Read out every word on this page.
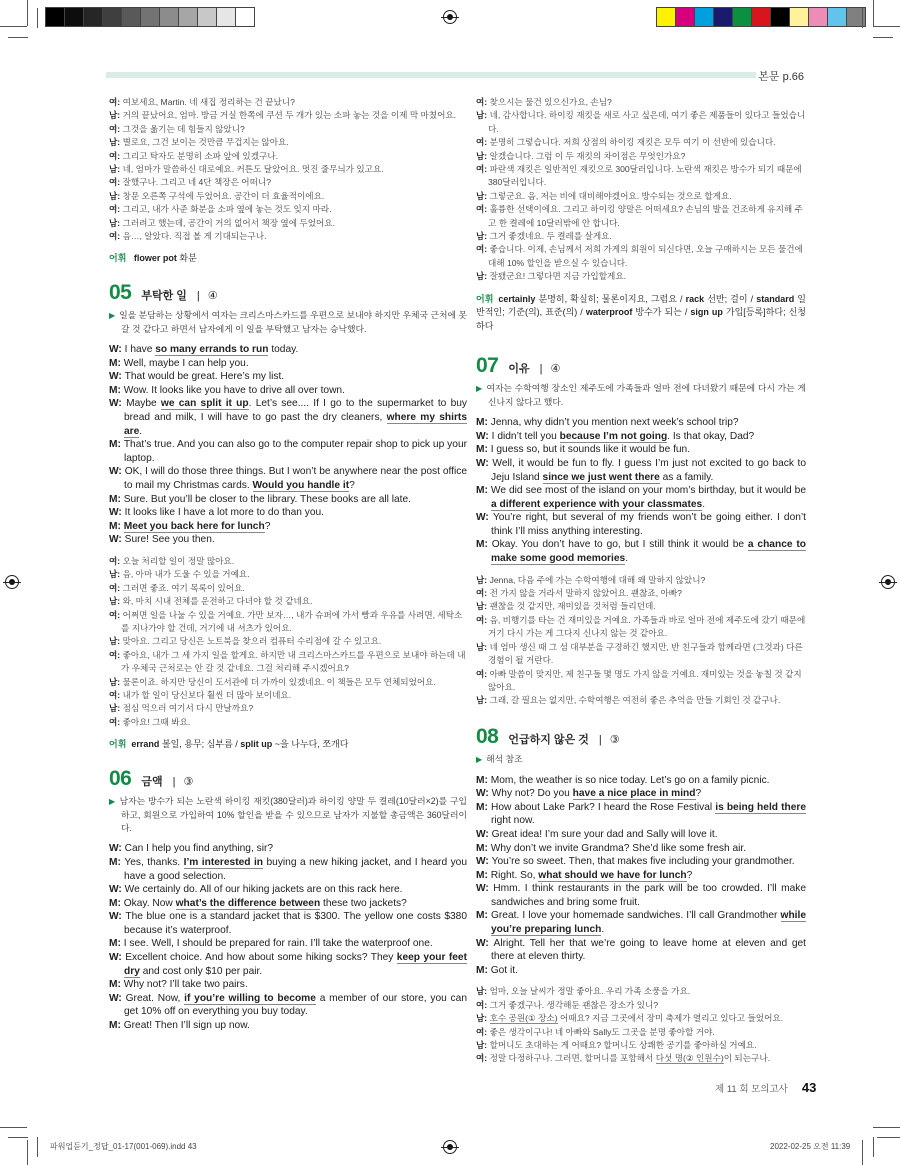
본문 p.66
여: 여보세요, Martin. 네 새집 정리하는 건 끝났니?
남: 거의 끝났어요, 엄마. 방금 거실 한쪽에 쿠션 두 개가 있는 소파 놓는 것을 이제 막 마쳤어요.
여: 그것을 옮기는 데 힘들지 않았니?
남: 별로요, 그건 보이는 것만큼 무겁지는 않아요.
여: 그리고 탁자도 분명히 소파 앞에 있겠구나.
남: 네, 엄마가 말씀하신 대로예요. 커튼도 달았어요. 멋진 줄무늬가 있고요.
여: 잘했구나. 그리고 네 4단 책장은 어떠니?
남: 창문 오른쪽 구석에 두었어요. 공간이 더 효율적이에요.
여: 그리고, 내가 사준 화분을 소파 옆에 놓는 것도 잊지 마라.
남: 그러려고 했는데, 공간이 거의 없어서 책장 옆에 두었어요.
여: 음…, 알았다. 직접 볼 게 기대되는구나.
어휘 flower pot 화분
05 부탁한 일 | ④
▶ 일을 분담하는 상황에서 여자는 크리스마스카드를 우편으로 보내야 하지만 우체국 근처에 못 갈 것 같다고 하면서 남자에게 이 일을 부탁했고 남자는 승낙했다.
W: I have so many errands to run today.
M: Well, maybe I can help you.
W: That would be great. Here’s my list.
M: Wow. It looks like you have to drive all over town.
W: Maybe we can split it up. Let’s see.... If I go to the supermarket to buy bread and milk, I will have to go past the dry cleaners, where my shirts are.
M: That’s true. And you can also go to the computer repair shop to pick up your laptop.
W: OK, I will do those three things. But I won’t be anywhere near the post office to mail my Christmas cards. Would you handle it?
M: Sure. But you’ll be closer to the library. These books are all late.
W: It looks like I have a lot more to do than you.
M: Meet you back here for lunch?
W: Sure! See you then.
여: 오늘 처리할 일이 정말 많아요.
남: 음, 아마 내가 도울 수 있을 거예요.
여: 그러면 좋죠. 여기 목록이 있어요.
남: 와, 마치 시내 전체를 운전하고 다녀야 할 것 같네요.
여: 어쩌면 일을 나눌 수 있을 거예요. 가만 보자…, 내가 슈퍼에 가서 빵과 우유를 사려면, 세탁소를 지나가야 할 건데, 거기에 내 셔츠가 있어요.
남: 맞아요. 그리고 당신은 노트북을 찾으러 컴퓨터 수리점에 갈 수 있고요.
여: 좋아요, 내가 그 세 가지 일을 할게요. 하지만 내 크리스마스카드를 우편으로 보내야 하는데 내가 우체국 근처로는 안 갈 것 같네요. 그걸 처리해 주시겠어요?
남: 물론이죠. 하지만 당신이 도서관에 더 가까이 있겠네요. 이 책들은 모두 연체되었어요.
여: 내가 할 일이 당신보다 훨씬 더 많아 보이네요.
남: 점심 먹으러 여기서 다시 만날까요?
여: 좋아요! 그때 봐요.
어휘 errand 볼일, 용무; 심부름 / split up ~을 나누다, 쪼개다
06 금액 | ③
▶ 남자는 방수가 되는 노란색 하이킹 재킷(380달러)과 하이킹 양말 두 켤레(10달러×2)를 구입하고, 회원으로 가입하여 10% 할인을 받을 수 있으므로 남자가 지불할 총금액은 360달러이다.
W: Can I help you find anything, sir?
M: Yes, thanks. I’m interested in buying a new hiking jacket, and I heard you have a good selection.
W: We certainly do. All of our hiking jackets are on this rack here.
M: Okay. Now what’s the difference between these two jackets?
W: The blue one is a standard jacket that is $300. The yellow one costs $380 because it’s waterproof.
M: I see. Well, I should be prepared for rain. I’ll take the waterproof one.
W: Excellent choice. And how about some hiking socks? They keep your feet dry and cost only $10 per pair.
M: Why not? I’ll take two pairs.
W: Great. Now, if you’re willing to become a member of our store, you can get 10% off on everything you buy today.
M: Great! Then I’ll sign up now.
여: 찾으시는 물건 있으신가요, 손님?
남: 네, 감사합니다. 하이킹 재킷을 새로 사고 싶은데, 여기 좋은 제품들이 있다고 들었습니다.
여: 분명히 그렇습니다. 저희 상점의 하이킹 재킷은 모두 여기 이 선반에 있습니다.
남: 알겠습니다. 그럼 이 두 재킷의 차이점은 무엇인가요?
여: 파란색 재킷은 일반적인 재킷으로 300달러입니다. 노란색 재킷은 방수가 되기 때문에 380달러입니다.
남: 그렇군요. 음, 저는 비에 대비해야겠어요. 방수되는 것으로 할게요.
여: 훌륭한 선택이에요. 그리고 하이킹 양말은 어떠세요? 손님의 발을 건조하게 유지해 주고 한 켤레에 10달러밖에 안 합니다.
남: 그거 좋겠네요. 두 켤레를 살게요.
여: 좋습니다. 이제, 손님께서 저희 가게의 회원이 되신다면, 오늘 구매하시는 모든 물건에 대해 10% 할인을 받으실 수 있습니다.
남: 잘됐군요! 그렇다면 지금 가입할게요.
어휘 certainly 분명히, 확실히; 물론이지요, 그럼요 / rack 선반; 걸이 / standard 일반적인; 기준(의), 표준(의) / waterproof 방수가 되는 / sign up 가입[등록]하다; 신청하다
07 이유 | ④
▶ 여자는 수학여행 장소인 제주도에 가족들과 얼마 전에 다녀왔기 때문에 다시 가는 게 신나지 않다고 했다.
M: Jenna, why didn’t you mention next week’s school trip?
W: I didn’t tell you because I’m not going. Is that okay, Dad?
M: I guess so, but it sounds like it would be fun.
W: Well, it would be fun to fly. I guess I’m just not excited to go back to Jeju Island since we just went there as a family.
M: We did see most of the island on your mom’s birthday, but it would be a different experience with your classmates.
W: You’re right, but several of my friends won’t be going either. I don’t think I’ll miss anything interesting.
M: Okay. You don’t have to go, but I still think it would be a chance to make some good memories.
남: Jenna, 다음 주에 가는 수학여행에 대해 왜 말하지 않았니?
여: 전 가지 않을 거라서 말하지 않았어요. 괜찮죠, 아빠?
남: 괜찮을 것 같지만, 재미있을 것처럼 들리던데.
여: 음, 비행기를 타는 건 재미있을 거예요. 가족들과 바로 얼마 전에 제주도에 갔기 때문에 거기 다시 가는 게 그다지 신나지 않는 것 같아요.
남: 네 엄마 생신 때 그 섬 대부분을 구경하긴 했지만, 반 친구들과 함께라면 (그것과) 다른 경험이 될 거란다.
여: 아빠 말씀이 맞지만, 제 친구들 몇 명도 가지 않을 거예요. 재미있는 것을 놓칠 것 같지 않아요.
남: 그래, 갈 필요는 없지만, 수학여행은 여전히 좋은 추억을 만들 기회인 것 같구나.
08 언급하지 않은 것 | ③
▶ 해석 참조
M: Mom, the weather is so nice today. Let’s go on a family picnic.
W: Why not? Do you have a nice place in mind?
M: How about Lake Park? I heard the Rose Festival is being held there right now.
W: Great idea! I’m sure your dad and Sally will love it.
M: Why don’t we invite Grandma? She’d like some fresh air.
W: You’re so sweet. Then, that makes five including your grandmother.
M: Right. So, what should we have for lunch?
W: Hmm. I think restaurants in the park will be too crowded. I’ll make sandwiches and bring some fruit.
M: Great. I love your homemade sandwiches. I’ll call Grandmother while you’re preparing lunch.
W: Alright. Tell her that we’re going to leave home at eleven and get there at eleven thirty.
M: Got it.
남: 엄마, 오늘 날씨가 정말 좋아요. 우리 가족 소풍을 가요.
여: 그거 좋겠구나. 생각해둔 괜찮은 장소가 있니?
남: 호수 공원(① 장소) 어때요? 지금 그곳에서 장미 축제가 열리고 있다고 들었어요.
여: 좋은 생각이구나! 네 아빠와 Sally도 그곳을 분명 좋아할 거야.
남: 할머니도 초대하는 게 어때요? 할머니도 상쾌한 공기를 좋아하실 거예요.
여: 정말 다정하구나. 그러면, 할머니를 포함해서 다섯 명(② 인원수)이 되는구나.
제 11 회 모의고사 43
파워업듣기_정답_01-17(001-069).indd 43	2022-02-25 오전 11:39
